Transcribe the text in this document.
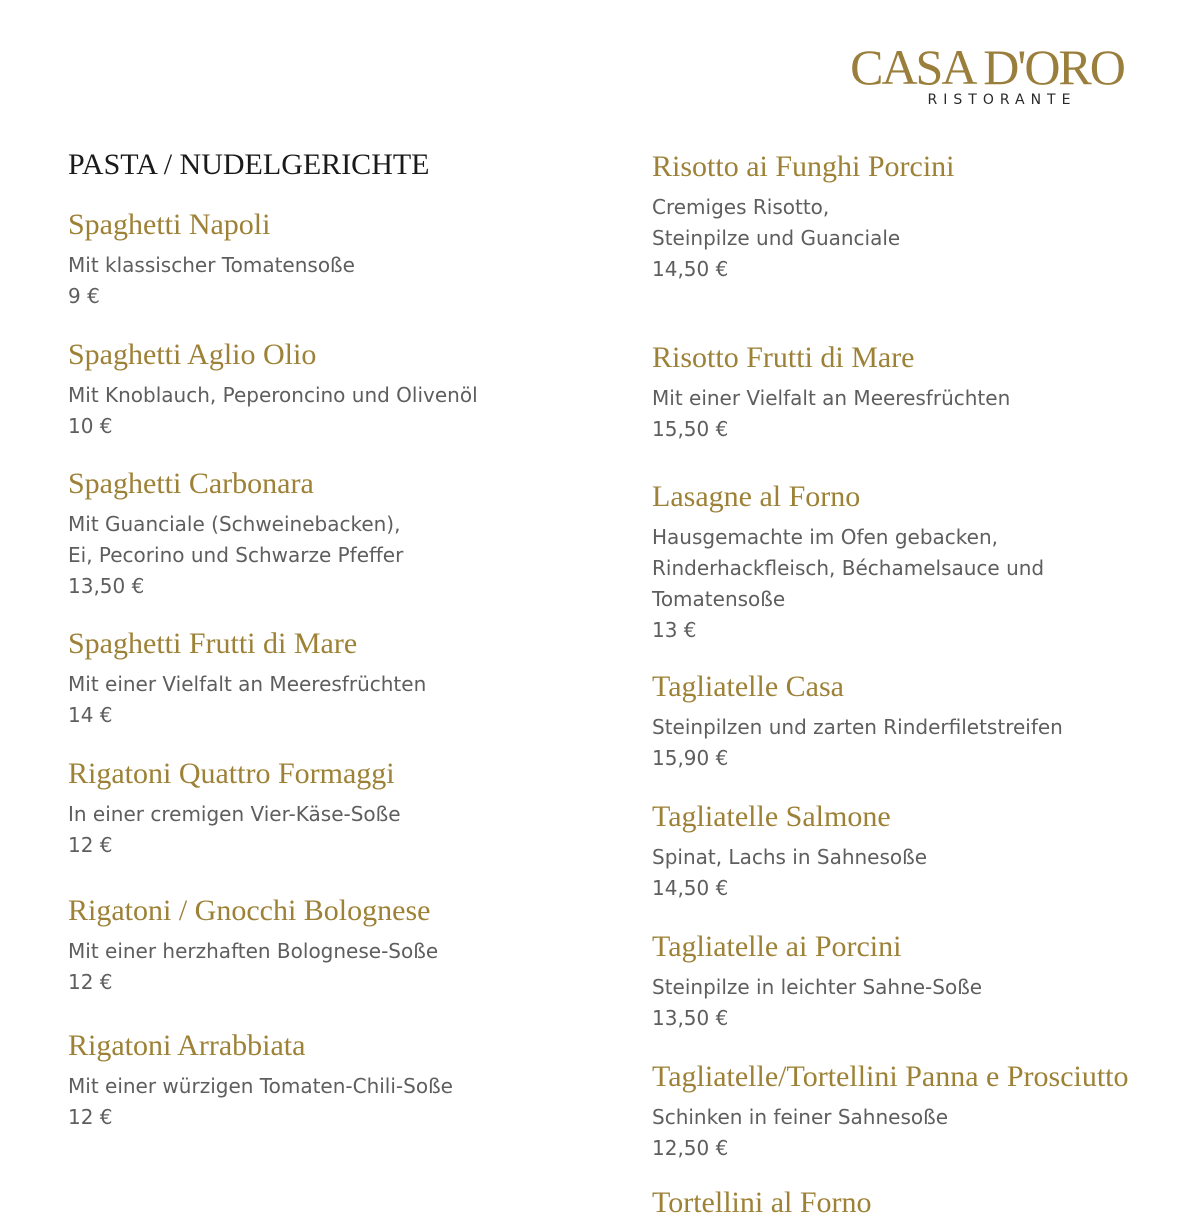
CASA D'ORO
RISTORANTE
PASTA / NUDELGERICHTE
Spaghetti Napoli
Mit klassischer Tomatensoße
9 €
Spaghetti Aglio Olio
Mit Knoblauch, Peperoncino und Olivenöl
10 €
Spaghetti Carbonara
Mit Guanciale (Schweinebacken),
Ei, Pecorino und Schwarze Pfeffer
13,50 €
Spaghetti Frutti di Mare
Mit einer Vielfalt an Meeresfrüchten
14 €
Rigatoni Quattro Formaggi
In einer cremigen Vier-Käse-Soße
12 €
Rigatoni / Gnocchi Bolognese
Mit einer herzhaften Bolognese-Soße
12 €
Rigatoni Arrabbiata
Mit einer würzigen Tomaten-Chili-Soße
12 €
Risotto ai Funghi Porcini
Cremiges Risotto,
Steinpilze und Guanciale
14,50 €
Risotto Frutti di Mare
Mit einer Vielfalt an Meeresfrüchten
15,50 €
Lasagne al Forno
Hausgemachte im Ofen gebacken,
Rinderhackfleisch, Béchamelsauce und
Tomatensoße
13 €
Tagliatelle Casa
Steinpilzen und zarten Rinderfiletstreifen
15,90 €
Tagliatelle Salmone
Spinat, Lachs in Sahnesoße
14,50 €
Tagliatelle ai Porcini
Steinpilze in leichter Sahne-Soße
13,50 €
Tagliatelle/Tortellini Panna e Prosciutto
Schinken in feiner Sahnesoße
12,50 €
Tortellini al Forno
